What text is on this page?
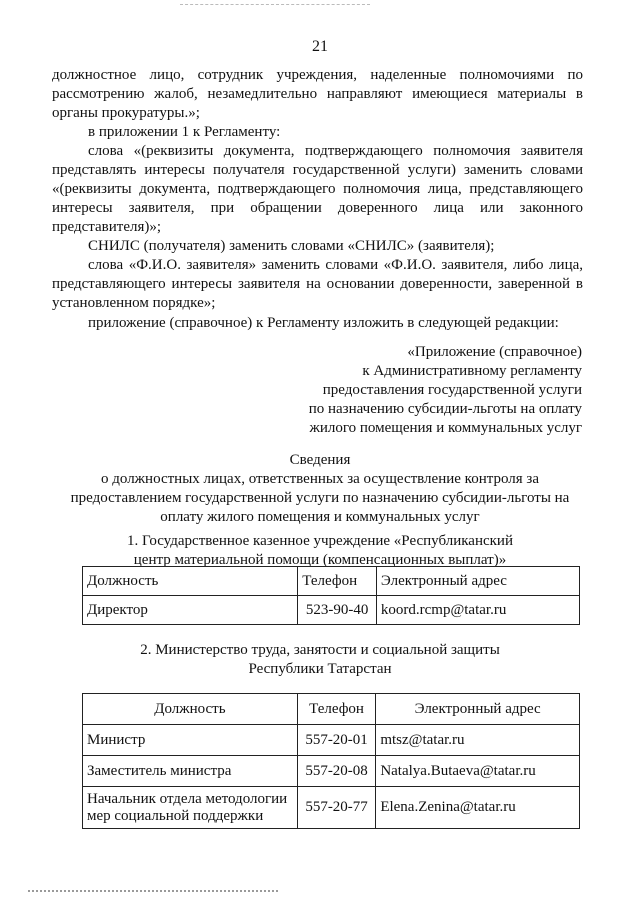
21
должностное лицо, сотрудник учреждения, наделенные полномочиями по
рассмотрению жалоб, незамедлительно направляют имеющиеся материалы в
органы прокуратуры.»;
в приложении 1 к Регламенту:
слова «(реквизиты документа, подтверждающего полномочия заявителя
представлять интересы получателя государственной услуги) заменить словами
«(реквизиты документа, подтверждающего полномочия лица, представляющего
интересы заявителя, при обращении доверенного лица или законного
представителя)»;
СНИЛС (получателя) заменить словами «СНИЛС» (заявителя);
слова «Ф.И.О. заявителя» заменить словами «Ф.И.О. заявителя, либо лица,
представляющего интересы заявителя на основании доверенности, заверенной в
установленном порядке»;
приложение (справочное) к Регламенту изложить в следующей редакции:
«Приложение (справочное)
к Административному регламенту
предоставления государственной услуги
по назначению субсидии-льготы на оплату
жилого помещения и коммунальных услуг
Сведения
о должностных лицах, ответственных за осуществление контроля за
предоставлением государственной услуги по назначению субсидии-льготы на
оплату жилого помещения и коммунальных услуг
1. Государственное казенное учреждение «Республиканский
центр материальной помощи (компенсационных выплат)»
Должность	Телефон	Электронный адрес
Директор	523-90-40	koord.rcmp@tatar.ru
2. Министерство труда, занятости и социальной защиты
Республики Татарстан
Должность	Телефон	Электронный адрес
Министр	557-20-01	mtsz@tatar.ru
Заместитель министра	557-20-08	Natalya.Butaeva@tatar.ru
Начальник отдела методологии мер социальной поддержки	557-20-77	Elena.Zenina@tatar.ru
